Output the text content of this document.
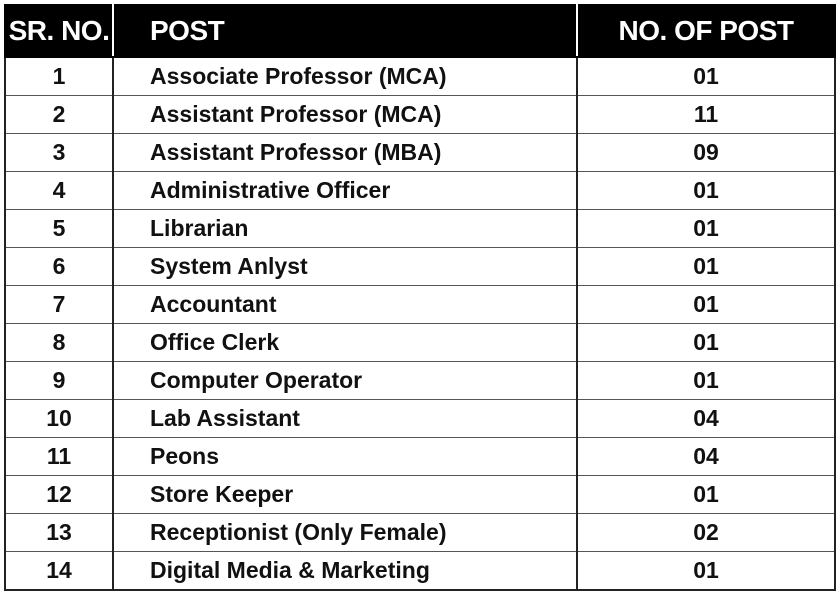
SR. NO.	POST	NO. OF POST
1	Associate Professor (MCA)	01
2	Assistant Professor (MCA)	11
3	Assistant Professor (MBA)	09
4	Administrative Officer	01
5	Librarian	01
6	System Anlyst	01
7	Accountant	01
8	Office Clerk	01
9	Computer Operator	01
10	Lab Assistant	04
11	Peons	04
12	Store Keeper	01
13	Receptionist (Only Female)	02
14	Digital Media & Marketing	01
